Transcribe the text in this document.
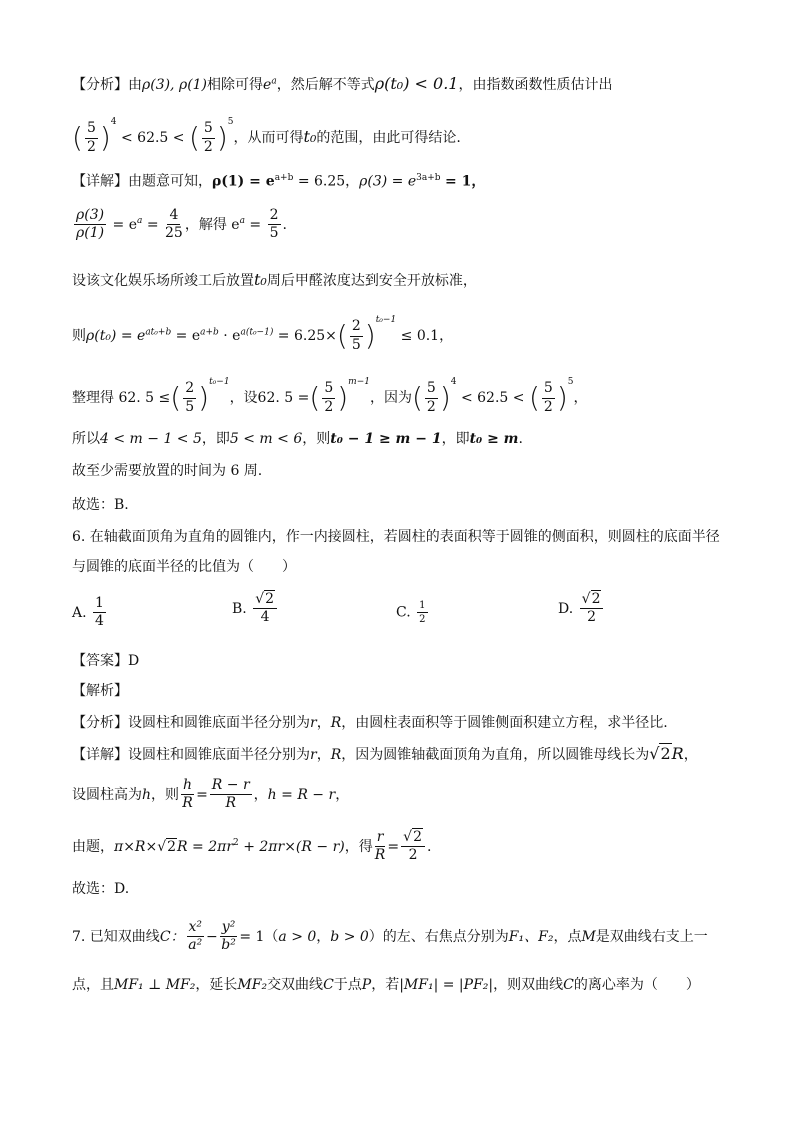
【分析】由ρ(3), ρ(1)相除可得$e^a$，然后解不等式ρ(t₀) < 0.1，由指数函数性质估计出
( $\frac{5}{2} )^4 < 62.5$ < ( $\frac{5}{2} )^5$，从而可得t₀的范围，由此可得结论.
【详解】由题意可知，$\rho(1) = e^{a+b} = 6.25$，$\rho(3) = e^{3a+b} = 1$，
$\frac{\rho(3)}{\rho(1)} = e^a = \frac{4}{25}$ ，解得 $e^a = \frac{2}{5}$ .
设该文化娱乐场所竣工后放置t₀周后甲醛浓度达到安全开放标准，
则$\rho(t_0) = e^{at_0+b} = e^{a+b} \cdot e^{a(t_0-1)} = 6.25\times( \frac{2}{5} )^{t_0-1} \le 0.1$，
整理得 62. 5 ≤( $\frac{2}{5} )^{t_0-1}$，设62. 5 =( $\frac{5}{2} )^{m-1}$，因为( $\frac{5}{2} )^4 < 62.5$ < ( $\frac{5}{2} )^5$，
所以4 < m − 1 < 5，即5 < m < 6，则t₀ − 1 ≥ m − 1，即t₀ ≥ m.
故至少需要放置的时间为 6 周.
故选：B.
6. 在轴截面顶角为直角的圆锥内，作一内接圆柱，若圆柱的表面积等于圆锥的侧面积，则圆柱的底面半径
与圆锥的底面半径的比值为（　　）
A. $\frac{1}{4}$	B. $\frac{√2}{4}$	C. $\frac{1}{2}$	D. $\frac{√2}{2}$
【答案】D
【解析】
【分析】设圆柱和圆锥底面半径分别为r，R，由圆柱表面积等于圆锥侧面积建立方程，求半径比.
【详解】设圆柱和圆锥底面半径分别为r，R，因为圆锥轴截面顶角为直角，所以圆锥母线长为√2R，
设圆柱高为h，则 $\frac{h}{R} = \frac{R - r}{R}$ ，h = R − r，
由题，$\pi\times R\times√2R = 2\pi r^2 + 2\pi r\times(R - r)$，得 $\frac{r}{R} = \frac{√2}{2}$ .
故选：D.
7. 已知双曲线C： $\frac{\text{x²}}{\text{a²}} - \frac{\text{y²}}{\text{b²}} = 1(a > 0$，b > 0）的左、右焦点分别为F₁、F₂，点M是双曲线右支上一
点，且MF₁ ⊥ MF₂，延长MF₂交双曲线C于点P，若|MF₁| = |PF₂|，则双曲线C的离心率为（　　）
